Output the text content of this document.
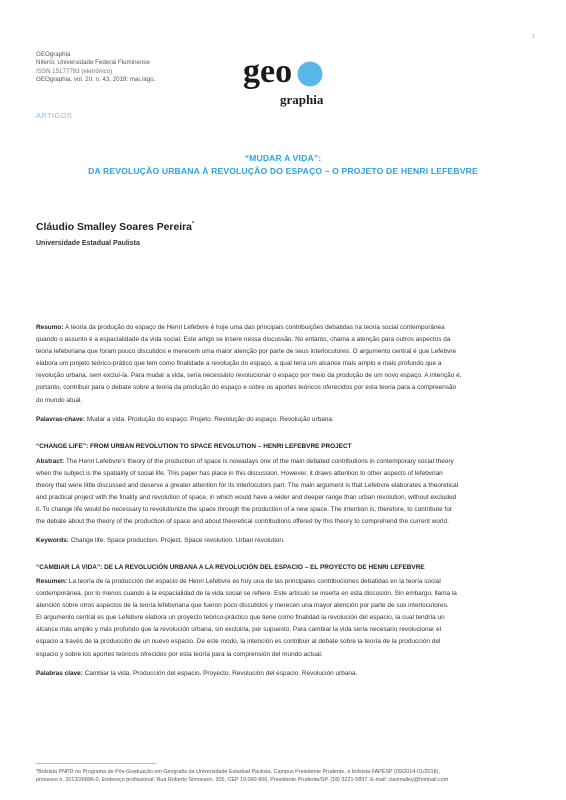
1
GEOgraphia
Niterói, Universidade Federal Fluminense
ISSN 15177793 (eletrônico)
GEOgraphia, vol. 20, n. 43, 2018: mai./ago.	geo
graphia
ARTIGOS
“MUDAR A VIDA”:
DA REVOLUÇÃO URBANA À REVOLUÇÃO DO ESPAÇO – O PROJETO DE HENRI LEFEBVRE
Cláudio Smalley Soares Pereira*
Universidade Estadual Paulista
Resumo: A teoria da produção do espaço de Henri Lefebvre é hoje uma das principais contribuições debatidas na teoria social contemporânea
quando o assunto é a espacialidade da vida social. Este artigo se insere nessa discussão. No entanto, chama a atenção para outros aspectos da
teoria lefebvriana que foram pouco discutidos e merecem uma maior atenção por parte de seus interlocutores. O argumento central é que Lefebvre
elabora um projeto teórico-prático que tem como finalidade a revolução do espaço, a qual teria um alcance mais amplo e mais profundo que a
revolução urbana, sem excluí-la. Para mudar a vida, seria necessário revolucionar o espaço por meio da produção de um novo espaço. A intenção é,
portanto, contribuir para o debate sobre a teoria da produção do espaço e sobre os aportes teóricos oferecidos por esta teoria para a compreensão
do mundo atual.
Palavras-chave: Mudar a vida. Produção do espaço. Projeto. Revolução do espaço. Revolução urbana.
“CHANGE LIFE”: FROM URBAN REVOLUTION TO SPACE REVOLUTION – HENRI LEFEBVRE PROJECT
Abstract: The Henri Lefebvre’s theory of the production of space is nowadays one of the main debated contributions in contemporary social theory
when the subject is the spatiality of social life. This paper has place in this discussion. However, it draws attention to other aspects of lefebvrian
theory that were little discussed and deserve a greater attention for its interlocutors part. The main argument is that Lefebvre elaborates a theoretical
and practical project with the finality and revolution of space, in which would have a wider and deeper range than urban revolution, without excluded
it. To change life would be necessary to revolutionize the space through the production of a new space. The intention is, therefore, to contribute for
the debate about the theory of the production of space and about theoretical contributions offered by this theory to comprehend the current world.
Keywords: Change life. Space production. Project. Space revolution. Urban revolution.
“CAMBIAR LA VIDA”: DE LA REVOLUCIÓN URBANA A LA REVOLUCIÓN DEL ESPACIO – EL PROYECTO DE HENRI LEFEBVRE
Resumen: La teoría de la producción del espacio de Henri Lefebvre es hoy una de las principales contribuciones debatidas en la teoría social
contemporánea, por lo menos cuando a la espacialidad de la vida social se refiere. Este artículo se inserta en esta discusión. Sin embargo, llama la
atención sobre otros aspectos de la teoría lefebvriana que fueron poco discutidos y merecen una mayor atención por parte de sus interlocutores.
El argumento central es que Lefebvre elabora un proyecto teórico-práctico que tiene como finalidad la revolución del espacio, la cual tendría un
alcance más amplio y más profundo que la revolución urbana, sin excluirla, por supuesto. Para cambiar la vida sería necesario revolucionar el
espacio a través de la producción de un nuevo espacio. De este modo, la intención es contribuir al debate sobre la teoría de la producción del
espacio y sobre los aportes teóricos ofrecidos por esta teoría para la comprensión del mundo actual.
Palabras clave: Cambiar la vida. Producción del espacio. Proyecto. Revolución del espacio. Revolución urbana.
*Bolsista PNPD no Programa de Pós-Graduação em Geografia da Universidade Estadual Paulista, Campus Presidente Prudente, e bolsista FAPESP (09/2014-01/2018),
processo n. 2013/26896-0. Endereço profissional: Rua Roberto Simonsen, 305, CEP 19.060-900, Presidente Prudente/SP. (18) 3221-5897. E-mail: clasmalley@hotmail.com
